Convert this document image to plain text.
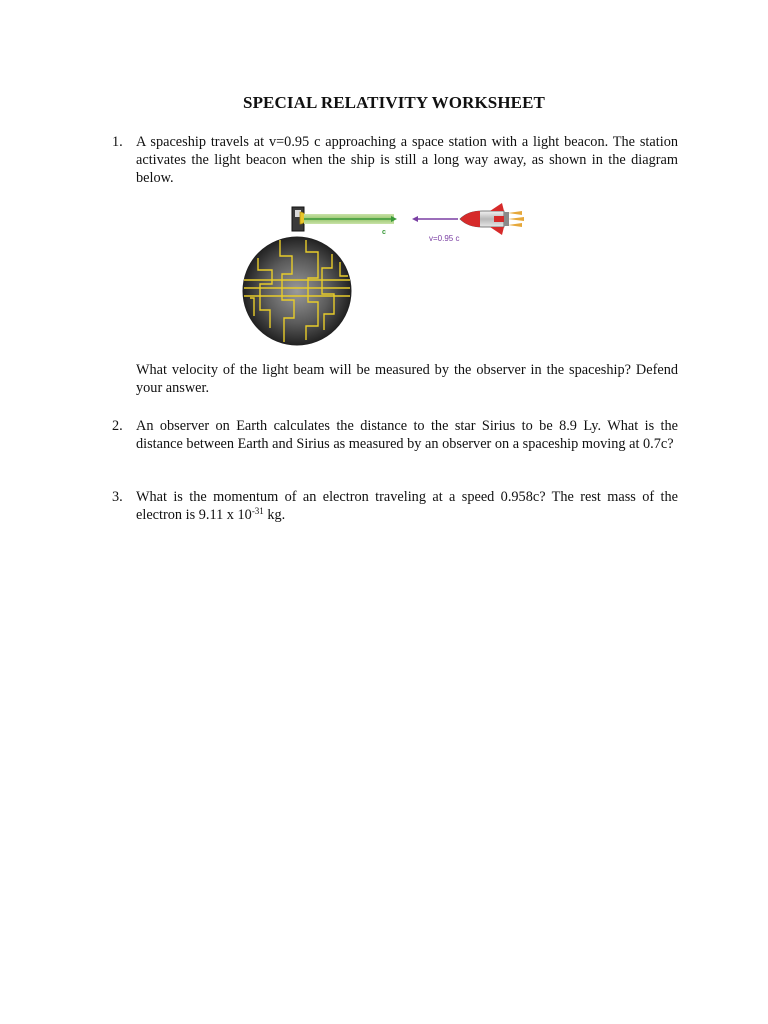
SPECIAL RELATIVITY WORKSHEET
1. A spaceship travels at v=0.95 c approaching a space station with a light beacon. The station activates the light beacon when the ship is still a long way away, as shown in the diagram below.
c
v=0.95 c
What velocity of the light beam will be measured by the observer in the spaceship? Defend your answer.
2. An observer on Earth calculates the distance to the star Sirius to be 8.9 Ly. What is the distance between Earth and Sirius as measured by an observer on a spaceship moving at 0.7c?
3. What is the momentum of an electron traveling at a speed 0.958c? The rest mass of the electron is 9.11 x $10^{-31}$ kg.
